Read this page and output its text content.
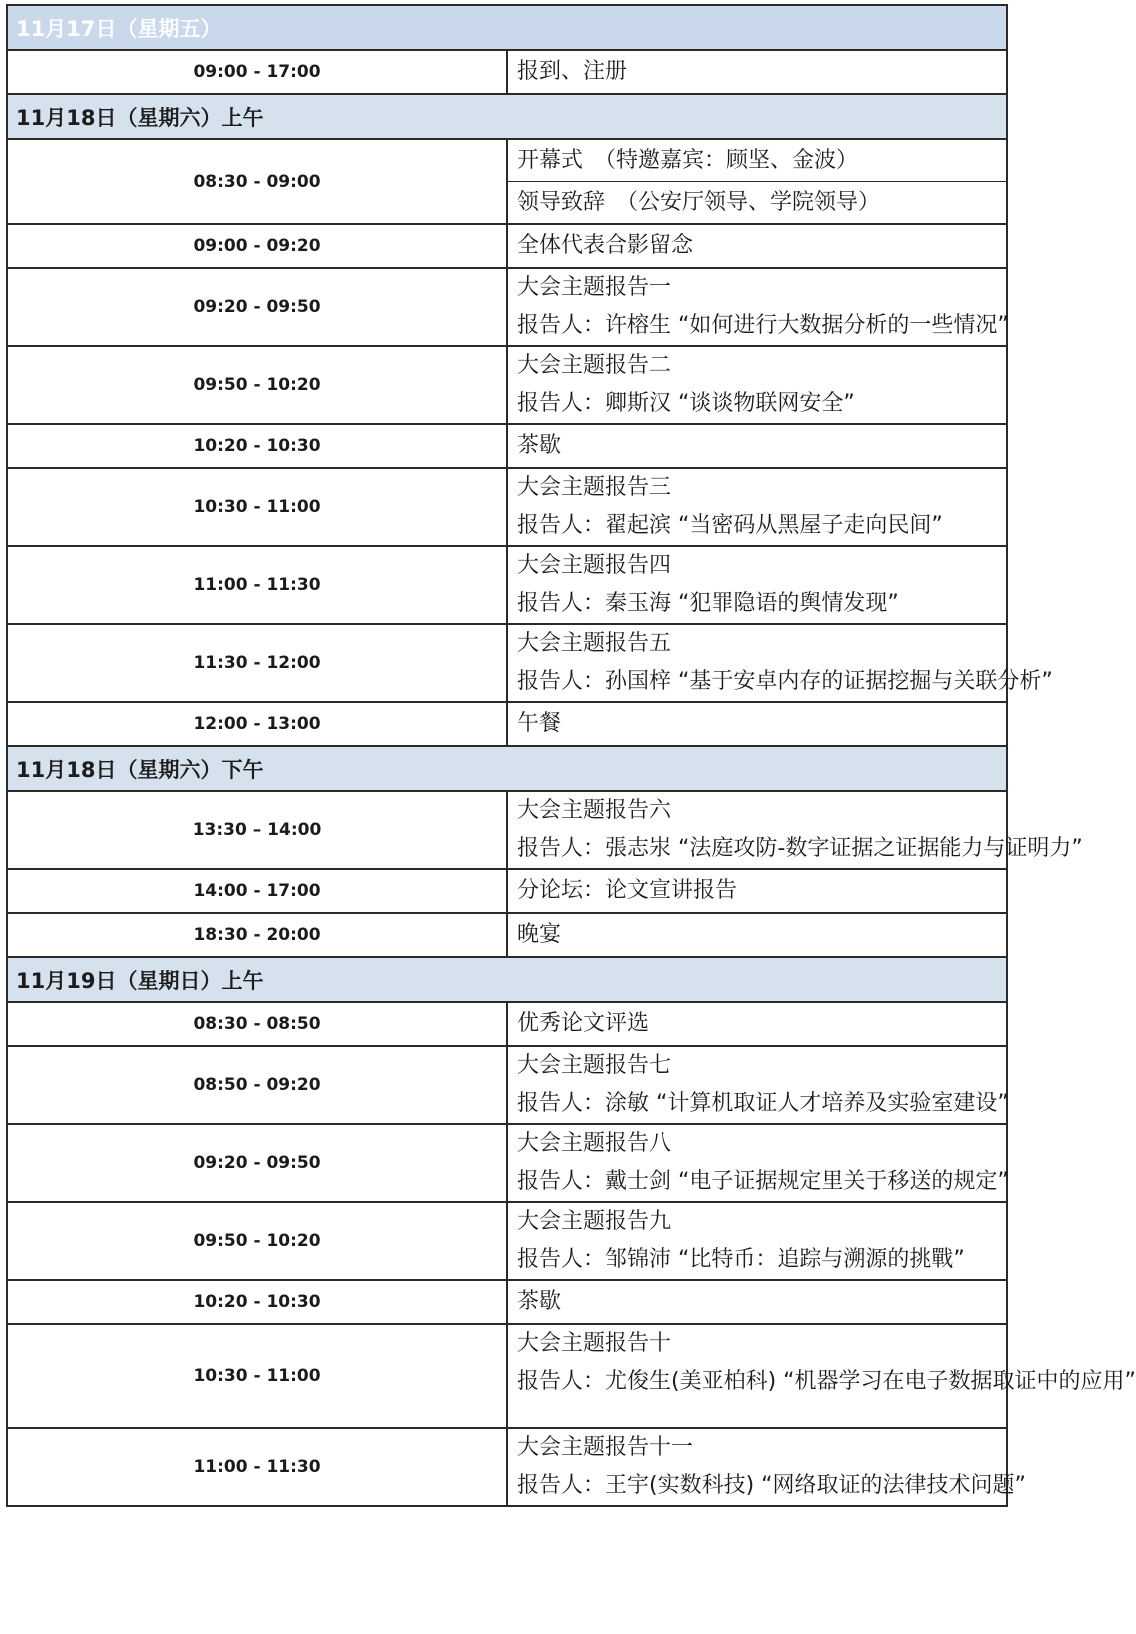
11月17日（星期五）	
09:00 - 17:00	报到、注册

11月18日（星期六）上午	
08:30 - 09:00	开幕式　（特邀嘉宾：顾坚、金波）
领导致辞　（公安厅领导、学院领导）

09:00 - 09:20	全体代表合影留念

09:20 - 09:50	大会主题报告一
报告人：许榕生 “如何进行大数据分析的一些情况”

09:50 - 10:20	大会主题报告二
报告人：卿斯汉 “谈谈物联网安全”

10:20 - 10:30	茶歇

10:30 - 11:00	大会主题报告三
报告人：翟起滨 “当密码从黑屋子走向民间”

11:00 - 11:30	大会主题报告四
报告人：秦玉海 “犯罪隐语的舆情发现”

11:30 - 12:00	大会主题报告五
报告人：孙国梓 “基于安卓内存的证据挖掘与关联分析”

12:00 - 13:00	午餐

11月18日（星期六）下午	
13:30 – 14:00	大会主题报告六
报告人：張志汖 “法庭攻防-数字证据之证据能力与证明力”

14:00 - 17:00	分论坛：论文宣讲报告

18:30 - 20:00	晚宴

11月19日（星期日）上午	
08:30 - 08:50	优秀论文评选

08:50 - 09:20	大会主题报告七
报告人：涂敏 “计算机取证人才培养及实验室建设”

09:20 - 09:50	大会主题报告八
报告人：戴士剑 “电子证据规定里关于移送的规定”

09:50 - 10:20	大会主题报告九
报告人：邹锦沛 “比特币：追踪与溯源的挑戰”

10:20 - 10:30	茶歇

10:30 - 11:00	大会主题报告十
报告人：尤俊生(美亚柏科) “机器学习在电子数据取证中的应用”

11:00 - 11:30	大会主题报告十一
报告人：王宇(实数科技) “网络取证的法律技术问题”
